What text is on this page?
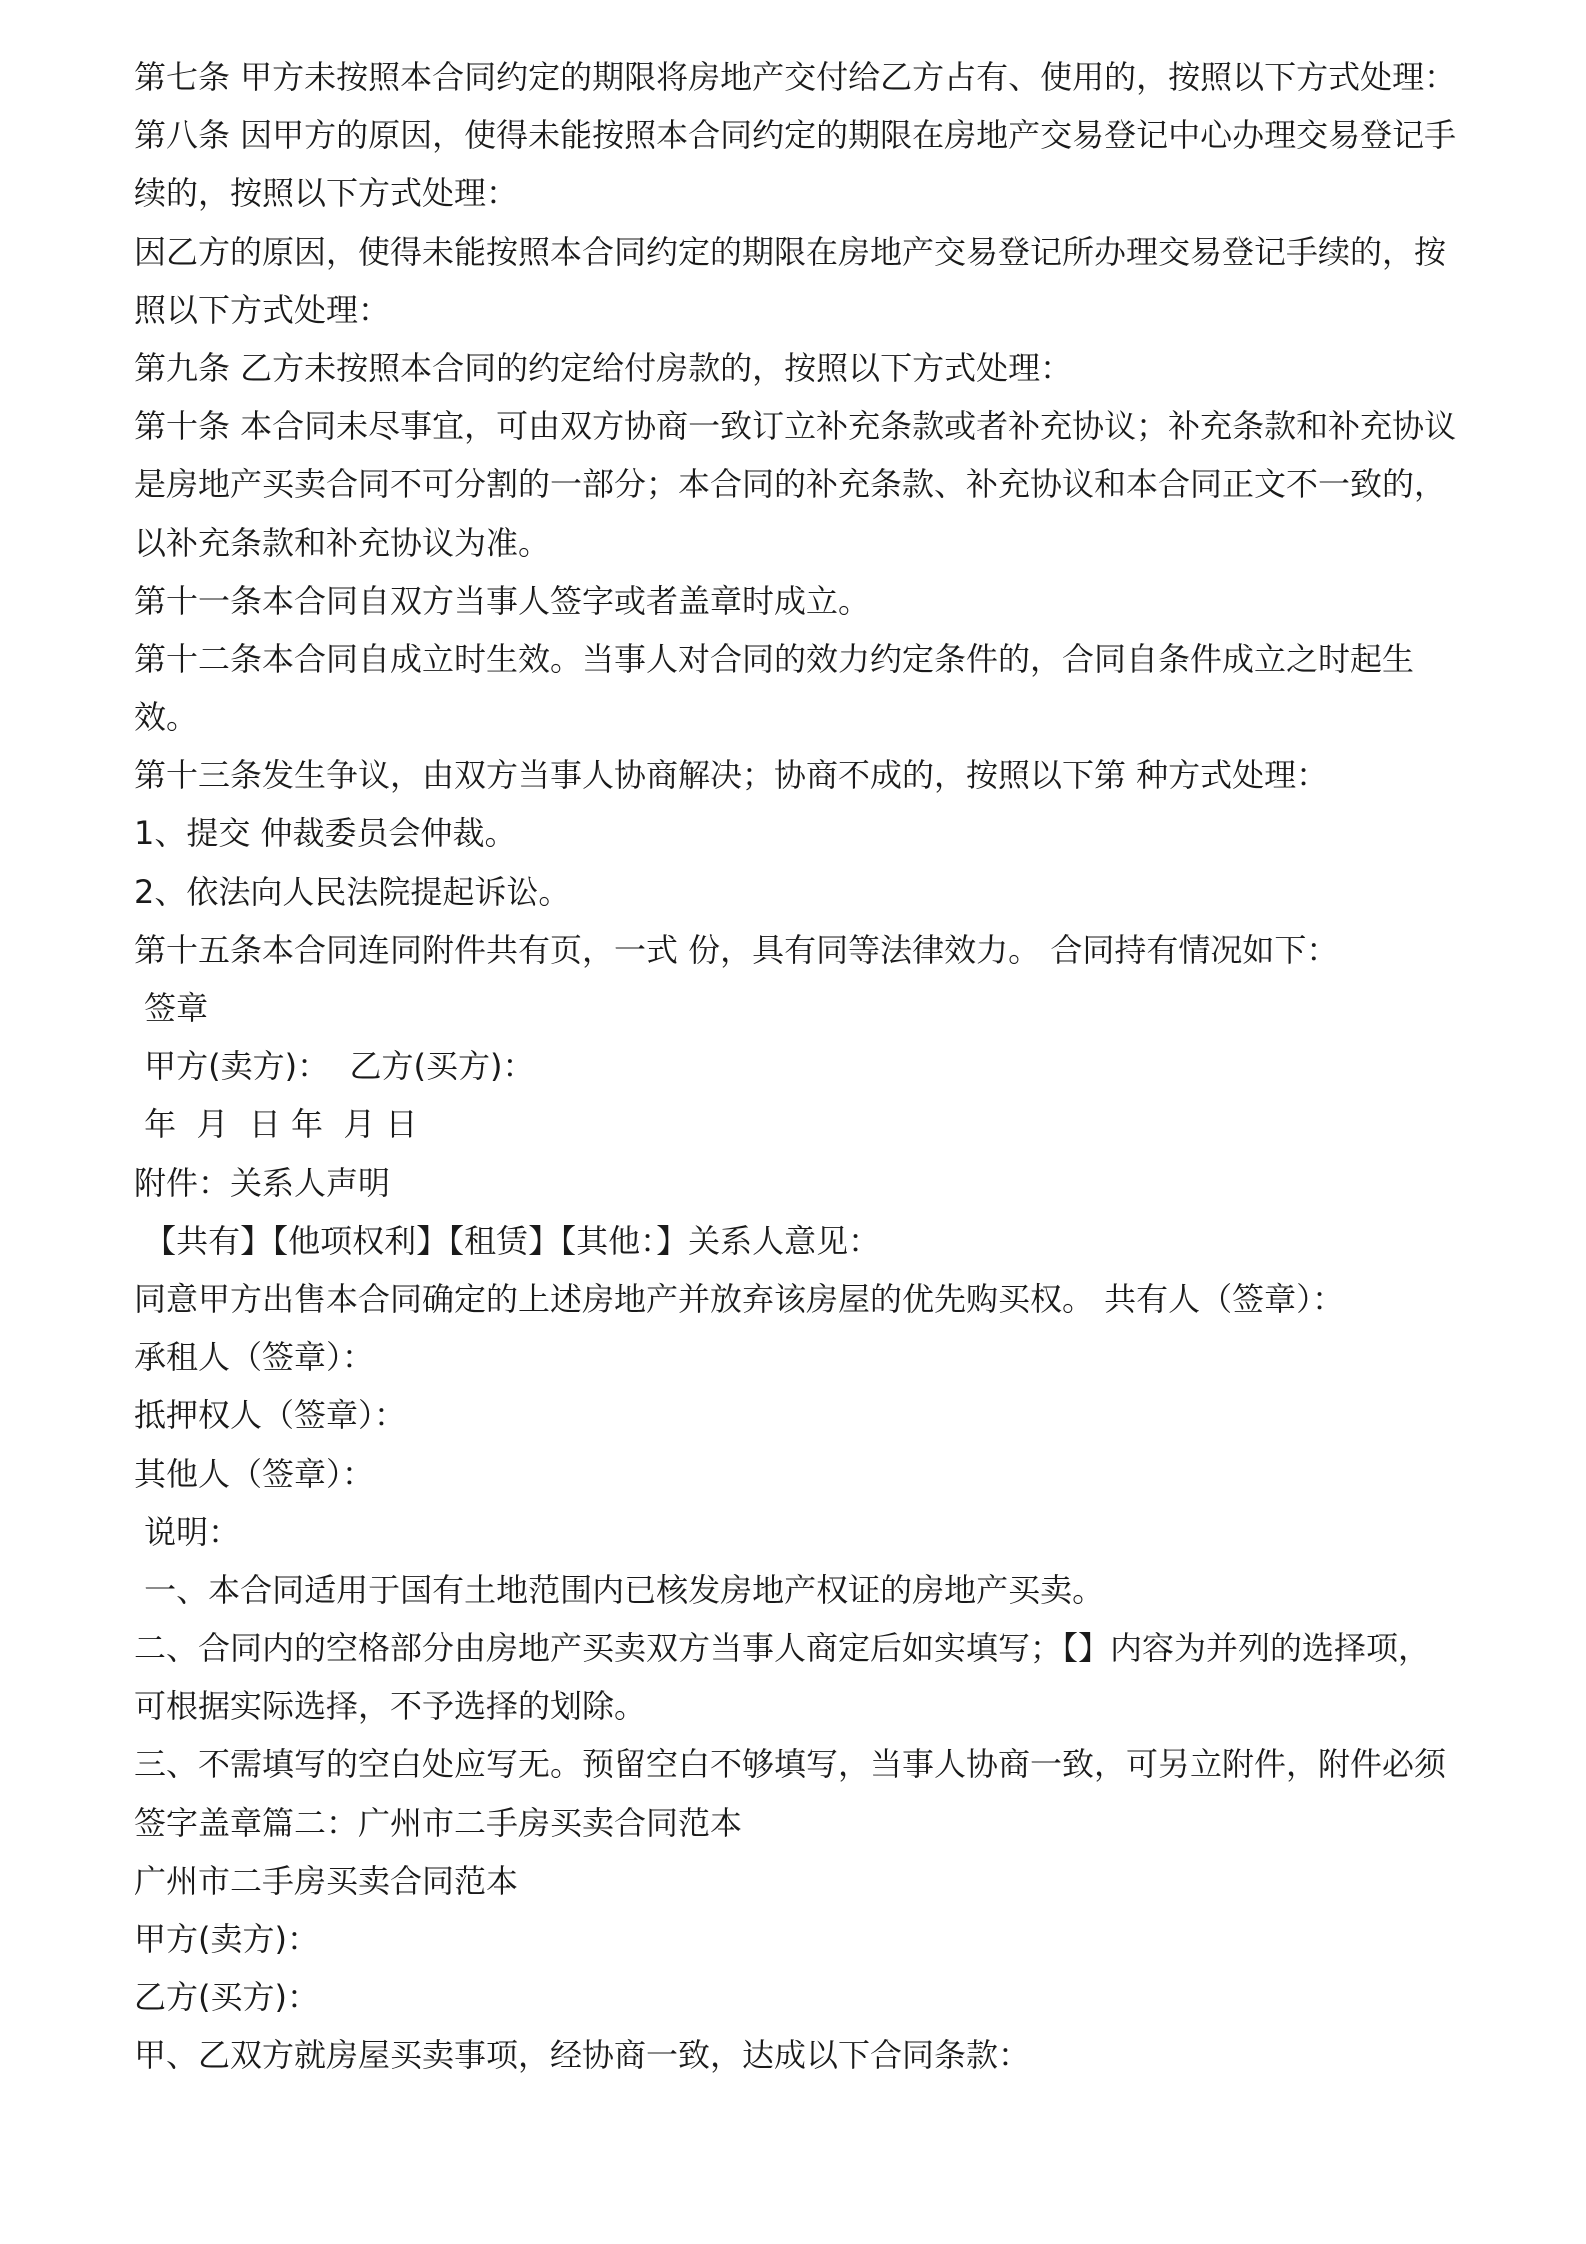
第七条 甲方未按照本合同约定的期限将房地产交付给乙方占有、使用的，按照以下方式处理：
第八条 因甲方的原因，使得未能按照本合同约定的期限在房地产交易登记中心办理交易登记手
续的，按照以下方式处理：
因乙方的原因，使得未能按照本合同约定的期限在房地产交易登记所办理交易登记手续的，按
照以下方式处理：
第九条 乙方未按照本合同的约定给付房款的，按照以下方式处理：
第十条 本合同未尽事宜，可由双方协商一致订立补充条款或者补充协议；补充条款和补充协议
是房地产买卖合同不可分割的一部分；本合同的补充条款、补充协议和本合同正文不一致的，
以补充条款和补充协议为准。
第十一条本合同自双方当事人签字或者盖章时成立。
第十二条本合同自成立时生效。当事人对合同的效力约定条件的，合同自条件成立之时起生
效。
第十三条发生争议，由双方当事人协商解决；协商不成的，按照以下第 种方式处理：
1、提交 仲裁委员会仲裁。
2、依法向人民法院提起诉讼。
第十五条本合同连同附件共有页，一式 份，具有同等法律效力。 合同持有情况如下：
签章
甲方(卖方)：  乙方(买方)：
年  月  日 年  月 日
附件：关系人声明
【共有】【他项权利】【租赁】【其他：】关系人意见：
同意甲方出售本合同确定的上述房地产并放弃该房屋的优先购买权。 共有人（签章）：
承租人（签章）：
抵押权人（签章）：
其他人（签章）：
说明：
一、本合同适用于国有土地范围内已核发房地产权证的房地产买卖。
二、合同内的空格部分由房地产买卖双方当事人商定后如实填写；【】内容为并列的选择项，
可根据实际选择，不予选择的划除。
三、不需填写的空白处应写无。预留空白不够填写，当事人协商一致，可另立附件，附件必须
签字盖章篇二：广州市二手房买卖合同范本
广州市二手房买卖合同范本
甲方(卖方)：
乙方(买方)：
甲、乙双方就房屋买卖事项，经协商一致，达成以下合同条款：
